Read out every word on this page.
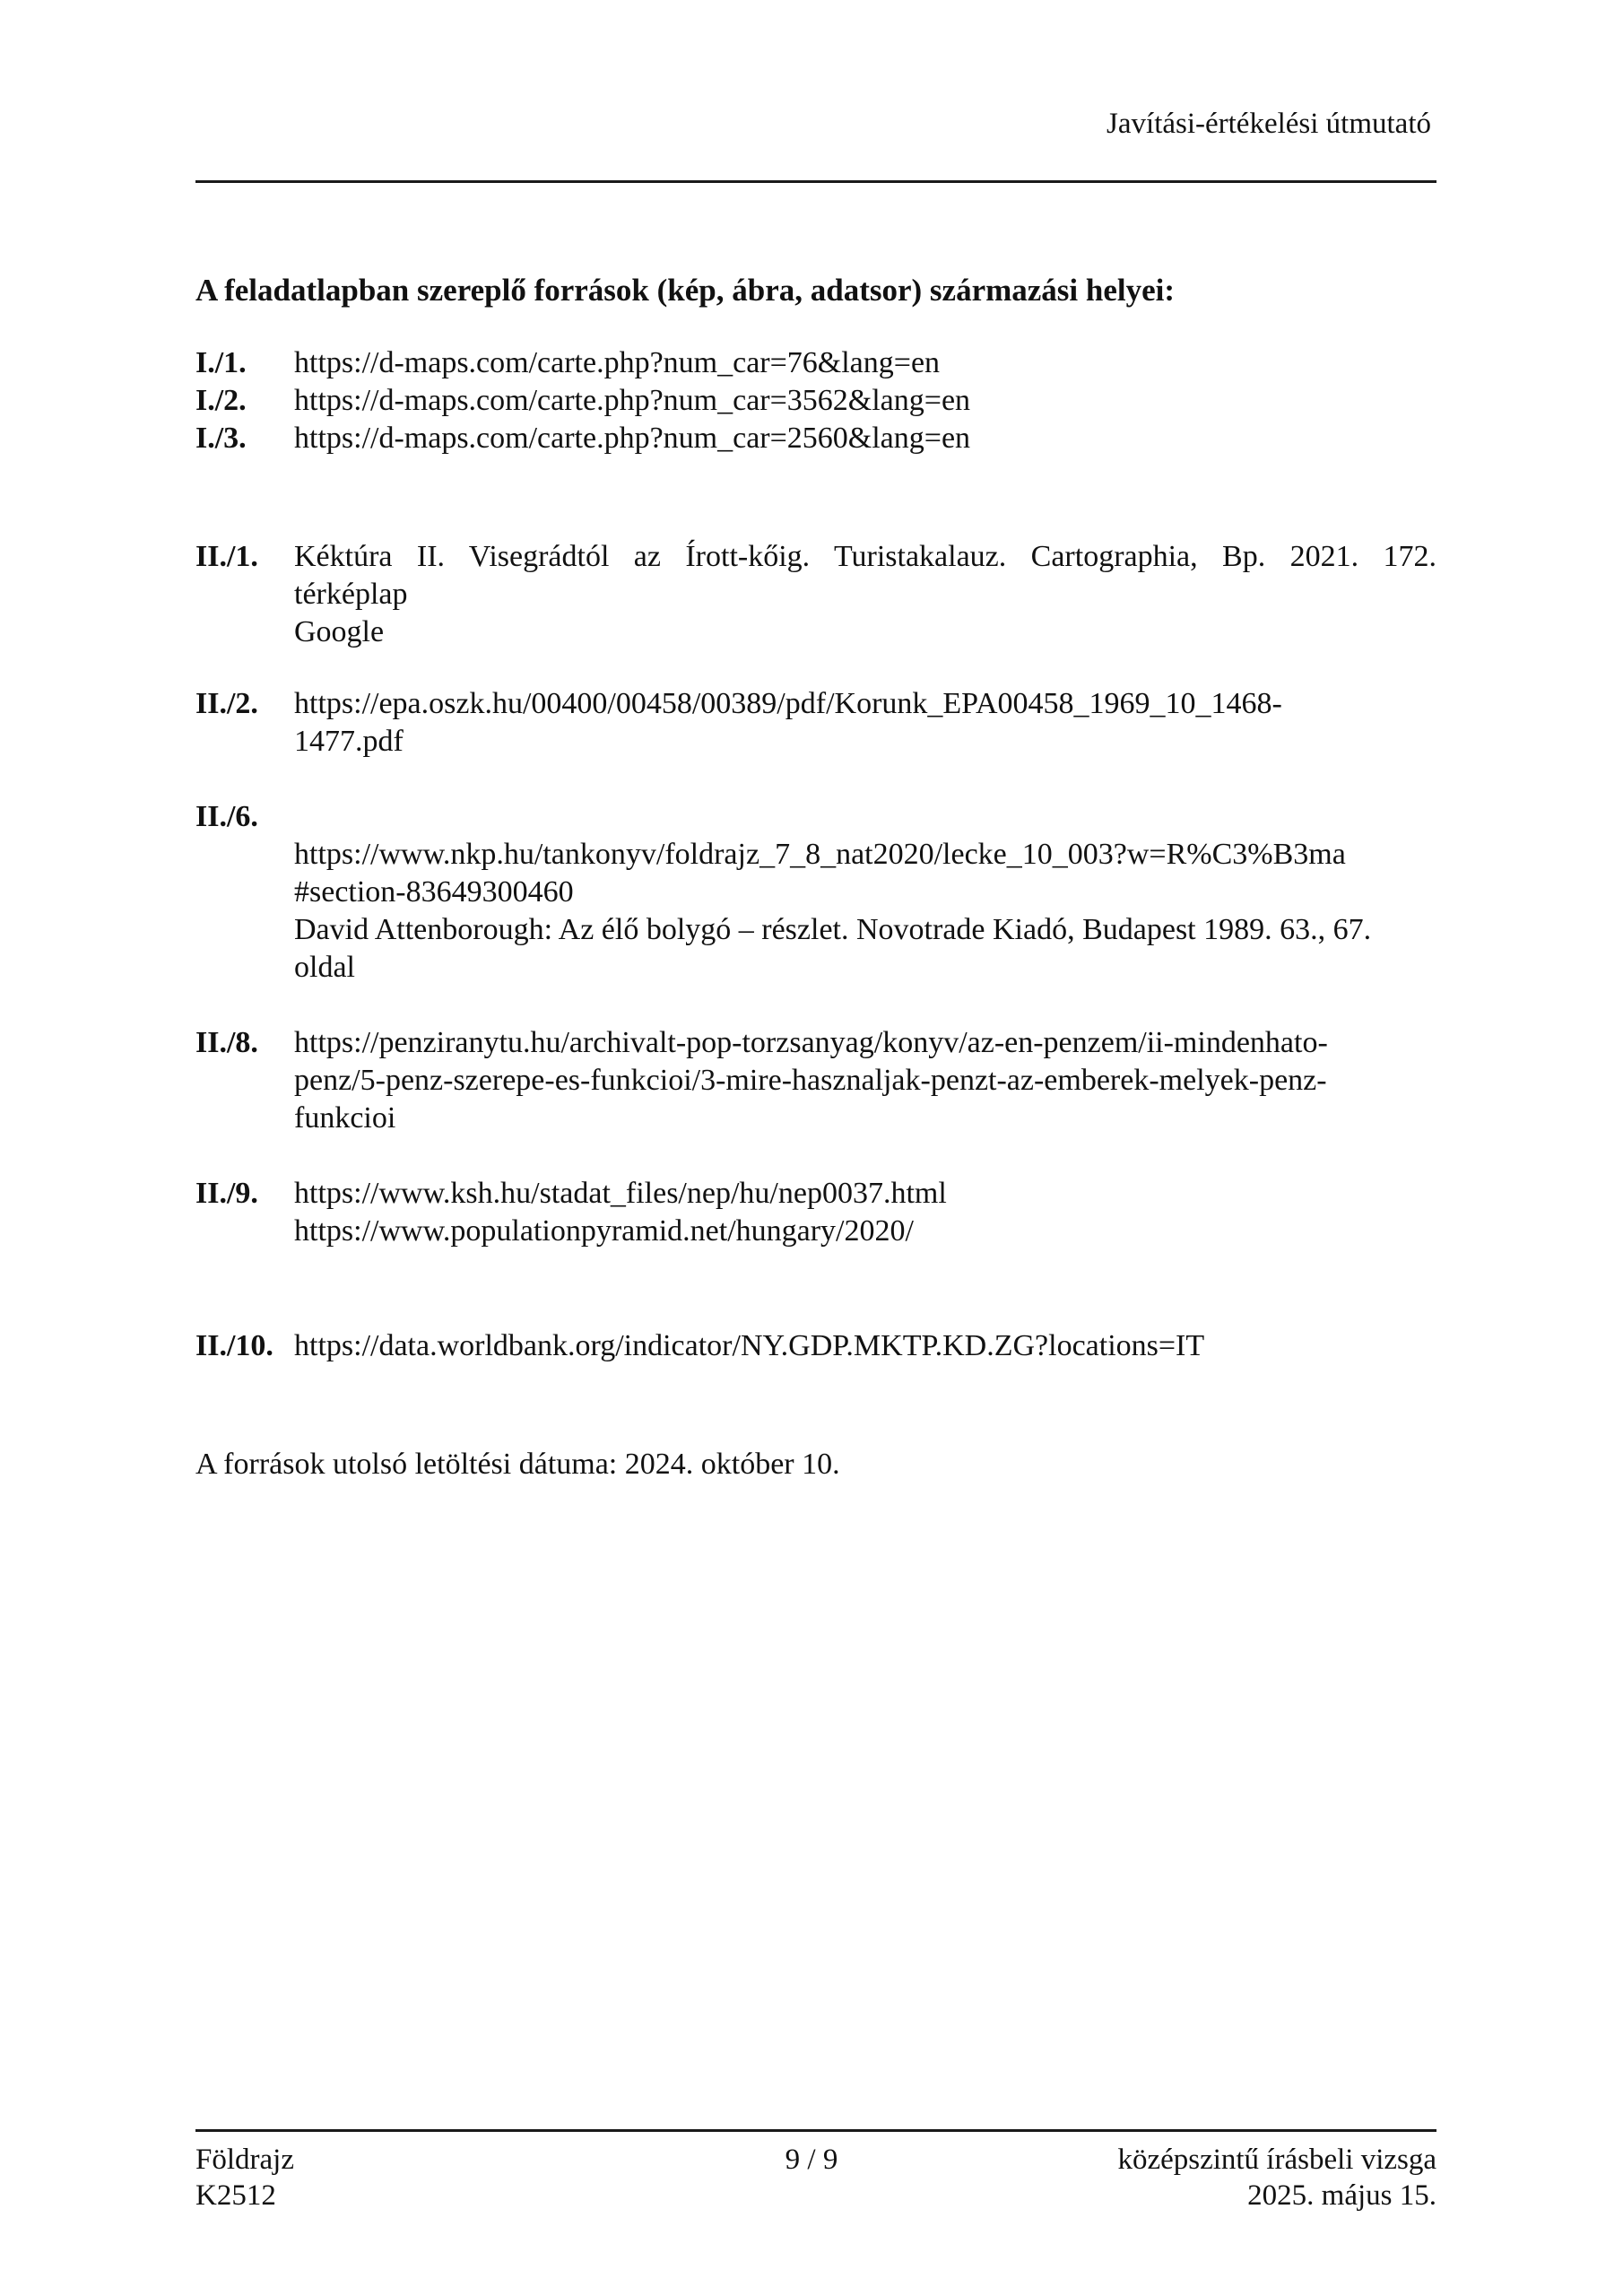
Javítási-értékelési útmutató
A feladatlapban szereplő források (kép, ábra, adatsor) származási helyei:
I./1.	https://d-maps.com/carte.php?num_car=76&lang=en
I./2.	https://d-maps.com/carte.php?num_car=3562&lang=en
I./3.	https://d-maps.com/carte.php?num_car=2560&lang=en
II./1.	Kéktúra II. Visegrádtól az Írott-kőig. Turistakalauz. Cartographia, Bp. 2021. 172.
térképlap
Google
II./2.	https://epa.oszk.hu/00400/00458/00389/pdf/Korunk_EPA00458_1969_10_1468-
1477.pdf
II./6.
https://www.nkp.hu/tankonyv/foldrajz_7_8_nat2020/lecke_10_003?w=R%C3%B3ma
#section-83649300460
David Attenborough: Az élő bolygó – részlet. Novotrade Kiadó, Budapest 1989. 63., 67.
oldal
II./8.	https://penziranytu.hu/archivalt-pop-torzsanyag/konyv/az-en-penzem/ii-mindenhato-
penz/5-penz-szerepe-es-funkcioi/3-mire-hasznaljak-penzt-az-emberek-melyek-penz-
funkcioi
II./9.	https://www.ksh.hu/stadat_files/nep/hu/nep0037.html
https://www.populationpyramid.net/hungary/2020/
II./10. https://data.worldbank.org/indicator/NY.GDP.MKTP.KD.ZG?locations=IT
A források utolsó letöltési dátuma: 2024. október 10.
Földrajz
K2512
9 / 9	középszintű írásbeli vizsga
2025. május 15.
